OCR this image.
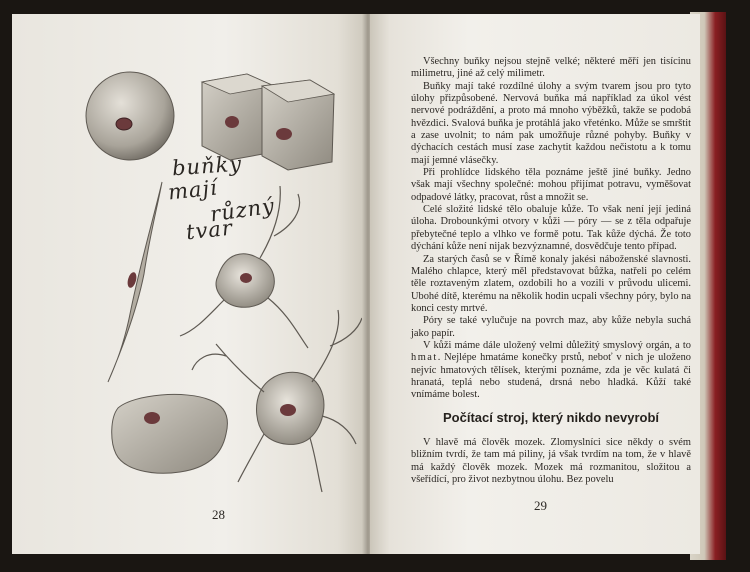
buňky
mají
různý
tvar
28

Všechny buňky nejsou stejně velké; některé měří jen tisícinu milimetru, jiné až celý milimetr.

Buňky mají také rozdílné úlohy a svým tvarem jsou pro tyto úlohy přizpůsobené. Nervová buňka má například za úkol vést nervové podráždění, a proto má mnoho výběžků, takže se podobá hvězdici. Svalová buňka je protáhlá jako vřeténko. Může se smrštit a zase uvolnit; to nám pak umožňuje různé pohyby. Buňky v dýchacích cestách musí zase zachytit každou nečistotu a k tomu mají jemné vlásečky.

Při prohlídce lidského těla poznáme ještě jiné buňky. Jedno však mají všechny společné: mohou přijímat potravu, vyměšovat odpadové látky, pracovat, růst a množit se.

Celé složité lidské tělo obaluje kůže. To však není její jediná úloha. Drobounkými otvory v kůži — póry — se z těla odpařuje přebytečné teplo a vlhko ve formě potu. Tak kůže dýchá. Že toto dýchání kůže není nijak bezvýznamné, dosvědčuje tento případ.

Za starých časů se v Římě konaly jakési náboženské slavnosti. Malého chlapce, který měl představovat bůžka, natřeli po celém těle roztaveným zlatem, ozdobili ho a vozili v průvodu ulicemi. Ubohé dítě, kterému na několik hodin ucpali všechny póry, bylo na konci cesty mrtvé.

Póry se také vylučuje na povrch maz, aby kůže nebyla suchá jako papír.

V kůži máme dále uložený velmi důležitý smyslový orgán, a to hmat. Nejlépe hmatáme konečky prstů, neboť v nich je uloženo nejvíc hmatových tělísek, kterými poznáme, zda je věc kulatá či hranatá, teplá nebo studená, drsná nebo hladká. Kůží také vnímáme bolest.

Počítací stroj, který nikdo nevyrobí

V hlavě má člověk mozek. Zlomyslníci sice někdy o svém bližním tvrdí, že tam má piliny, já však tvrdím na tom, že v hlavě má každý člověk mozek. Mozek má rozmanitou, složitou a všeřídící, pro život nezbytnou úlohu. Bez povelu

29
